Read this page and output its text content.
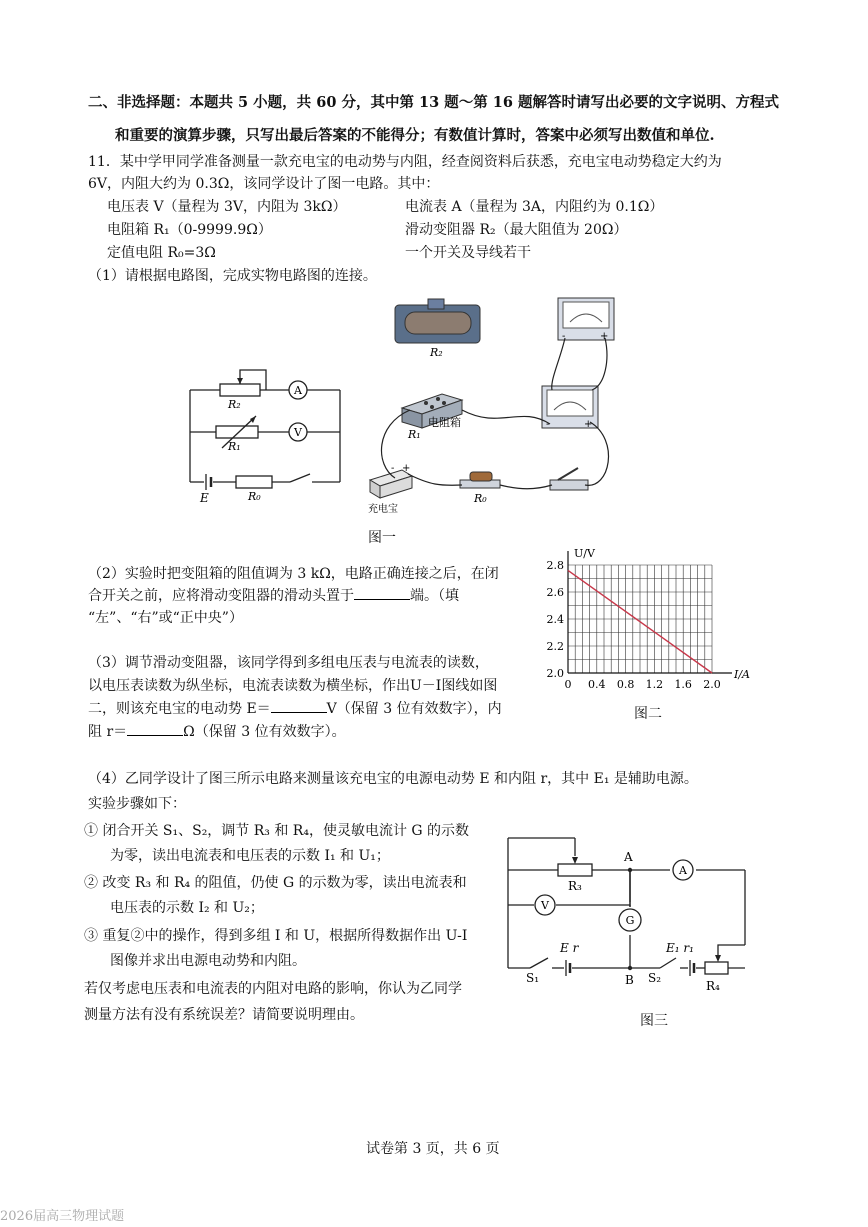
二、非选择题：本题共 5 小题，共 60 分，其中第 13 题～第 16 题解答时请写出必要的文字说明、方程式
和重要的演算步骤，只写出最后答案的不能得分；有数值计算时，答案中必须写出数值和单位.
11．某中学甲同学准备测量一款充电宝的电动势与内阻，经查阅资料后获悉，充电宝电动势稳定大约为
6V，内阻大约为 0.3Ω，该同学设计了图一电路。其中：
电压表 V（量程为 3V，内阻为 3kΩ）	电流表 A（量程为 3A，内阻约为 0.1Ω）
电阻箱 R₁（0-9999.9Ω）	滑动变阻器 R₂（最大阻值为 20Ω）
定值电阻 R₀=3Ω	一个开关及导线若干
（1）请根据电路图，完成实物电路图的连接。
A
V
R₂
R₁
R₀
E
R₂
-	+
-	+
R₁
电阻箱
- +
充电宝
R₀
图一
（2）实验时把变阻箱的阻值调为 3 kΩ，电路正确连接之后，在闭
合开关之前，应将滑动变阻器的滑动头置于	端。（填
“左”、“右”或“正中央”）
（3）调节滑动变阻器，该同学得到多组电压表与电流表的读数，
以电压表读数为纵坐标，电流表读数为横坐标，作出U－I图线如图
二，则该充电宝的电动势 E＝	V（保留 3 位有效数字），内
阻 r＝	Ω（保留 3 位有效数字）。
0 0.4 0.8 1.2 1.6 2.0
2.0
2.2
2.4
2.6
2.8
U/V
I/A
图二
（4）乙同学设计了图三所示电路来测量该充电宝的电源电动势 E 和内阻 r，其中 E₁ 是辅助电源。
实验步骤如下：
① 闭合开关 S₁、S₂，调节 R₃ 和 R₄，使灵敏电流计 G 的示数
为零，读出电流表和电压表的示数 I₁ 和 U₁；
② 改变 R₃ 和 R₄ 的阻值，仍使 G 的示数为零，读出电流表和
电压表的示数 I₂ 和 U₂；
③ 重复②中的操作，得到多组 I 和 U，根据所得数据作出 U-I
图像并求出电源电动势和内阻。
若仅考虑电压表和电流表的内阻对电路的影响，你认为乙同学
测量方法有没有系统误差？请简要说明理由。
A
V
G
A
B
R₃
R₄
E r	E₁ r₁
S₁	S₂
图三
试卷第 3 页，共 6 页
2026届高三物理试题
